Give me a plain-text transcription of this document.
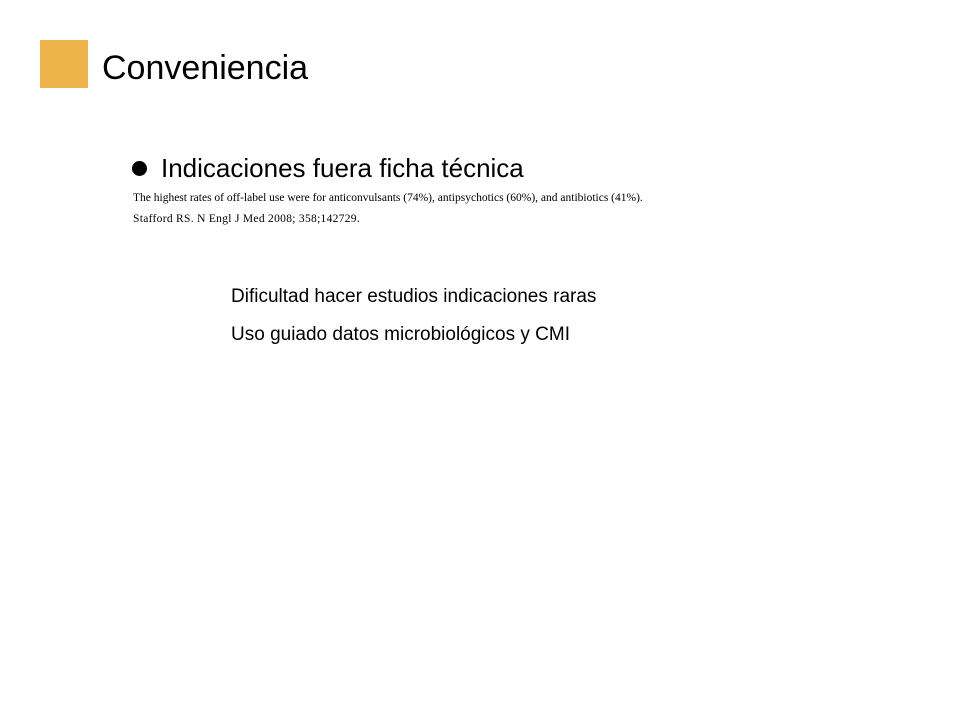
Conveniencia
Indicaciones fuera ficha técnica
The highest rates of off-label use were for anticonvulsants (74%), antipsychotics (60%), and antibiotics (41%).
Stafford RS. N Engl J Med 2008; 358;142729.
Dificultad hacer estudios indicaciones raras
Uso guiado datos microbiológicos y CMI
